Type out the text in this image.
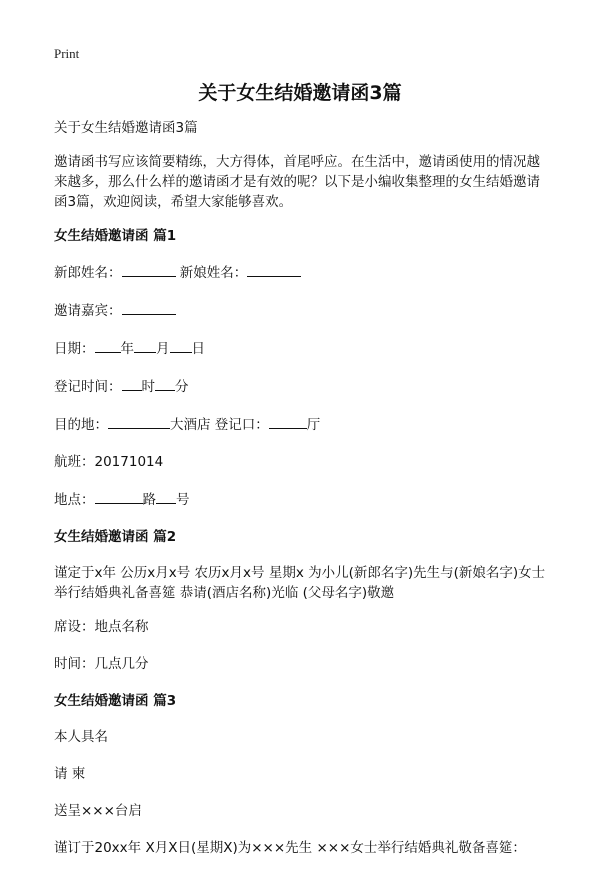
Print
关于女生结婚邀请函3篇

关于女生结婚邀请函3篇

邀请函书写应该简要精练，大方得体，首尾呼应。在生活中，邀请函使用的情况越
来越多，那么什么样的邀请函才是有效的呢？以下是小编收集整理的女生结婚邀请
函3篇，欢迎阅读，希望大家能够喜欢。
女生结婚邀请函 篇1
新郎姓名：	新娘姓名：
邀请嘉宾：
日期： 年 月 日
登记时间： 时 分
目的地：	大酒店 登记口：	厅
航班：20171014
地点：	路 号
女生结婚邀请函 篇2
谨定于x年 公历x月x号 农历x月x号 星期x 为小儿(新郎名字)先生与(新娘名字)女士
举行结婚典礼备喜筵 恭请(酒店名称)光临 (父母名字)敬邀
席设：地点名称
时间：几点几分
女生结婚邀请函 篇3
本人具名
请 柬
送呈×××台启
谨订于20xx年 X月X日(星期X)为×××先生 ×××女士举行结婚典礼敬备喜筵：
